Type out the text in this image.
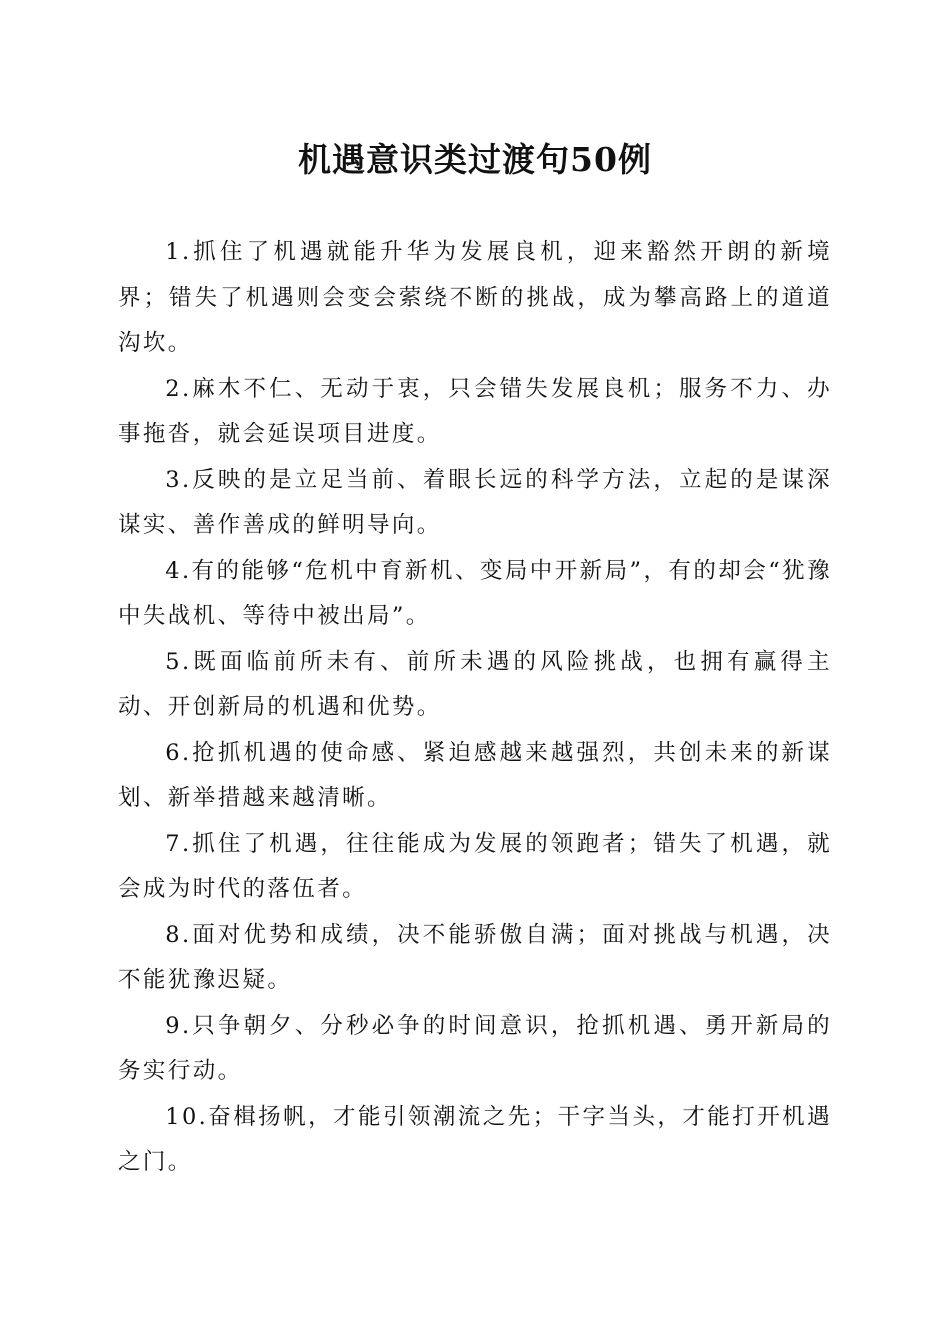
机遇意识类过渡句50例

1.抓住了机遇就能升华为发展良机，迎来豁然开朗的新境界；错失了机遇则会变会萦绕不断的挑战，成为攀高路上的道道沟坎。

2.麻木不仁、无动于衷，只会错失发展良机；服务不力、办事拖沓，就会延误项目进度。

3.反映的是立足当前、着眼长远的科学方法，立起的是谋深谋实、善作善成的鲜明导向。

4.有的能够“危机中育新机、变局中开新局”，有的却会“犹豫中失战机、等待中被出局”。

5.既面临前所未有、前所未遇的风险挑战，也拥有赢得主动、开创新局的机遇和优势。

6.抢抓机遇的使命感、紧迫感越来越强烈，共创未来的新谋划、新举措越来越清晰。

7.抓住了机遇，往往能成为发展的领跑者；错失了机遇，就会成为时代的落伍者。

8.面对优势和成绩，决不能骄傲自满；面对挑战与机遇，决不能犹豫迟疑。

9.只争朝夕、分秒必争的时间意识，抢抓机遇、勇开新局的务实行动。

10.奋楫扬帆，才能引领潮流之先；干字当头，才能打开机遇之门。
